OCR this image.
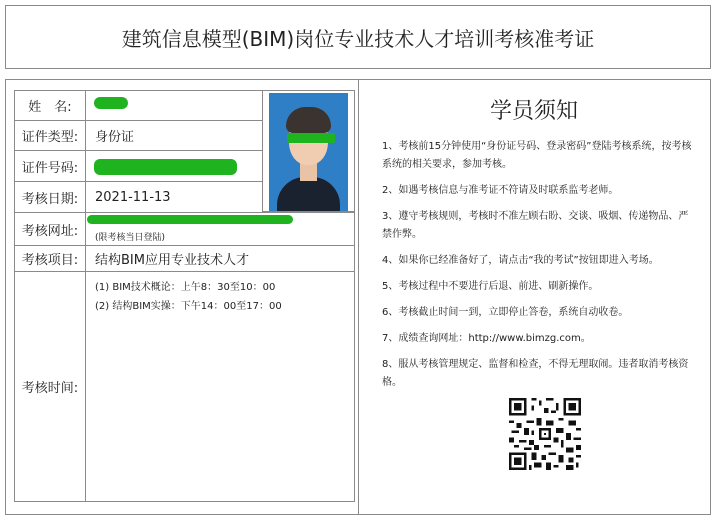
建筑信息模型(BIM)岗位专业技术人才培训考核准考证
姓　名:
证件类型:	身份证
证件号码:
考核日期:	2021-11-13
考核网址:	(限考核当日登陆)
考核项目:	结构BIM应用专业技术人才
考核时间:
(1) BIM技术概论：上午8：30至10：00
(2) 结构BIM实操：下午14：00至17：00
学员须知

1、考核前15分钟使用“身份证号码、登录密码”登陆考核系统，按考核系统的相关要求，参加考核。

2、如遇考核信息与准考证不符请及时联系监考老师。

3、遵守考核规则，考核时不准左顾右盼、交谈、吸烟、传递物品、严禁作弊。

4、如果你已经准备好了，请点击“我的考试”按钮即进入考场。

5、考核过程中不要进行后退、前进、刷新操作。

6、考核截止时间一到，立即停止答卷，系统自动收卷。

7、成绩查询网址：http://www.bimzg.com。

8、服从考核管理规定、监督和检查，不得无理取闹。违者取消考核资格。
